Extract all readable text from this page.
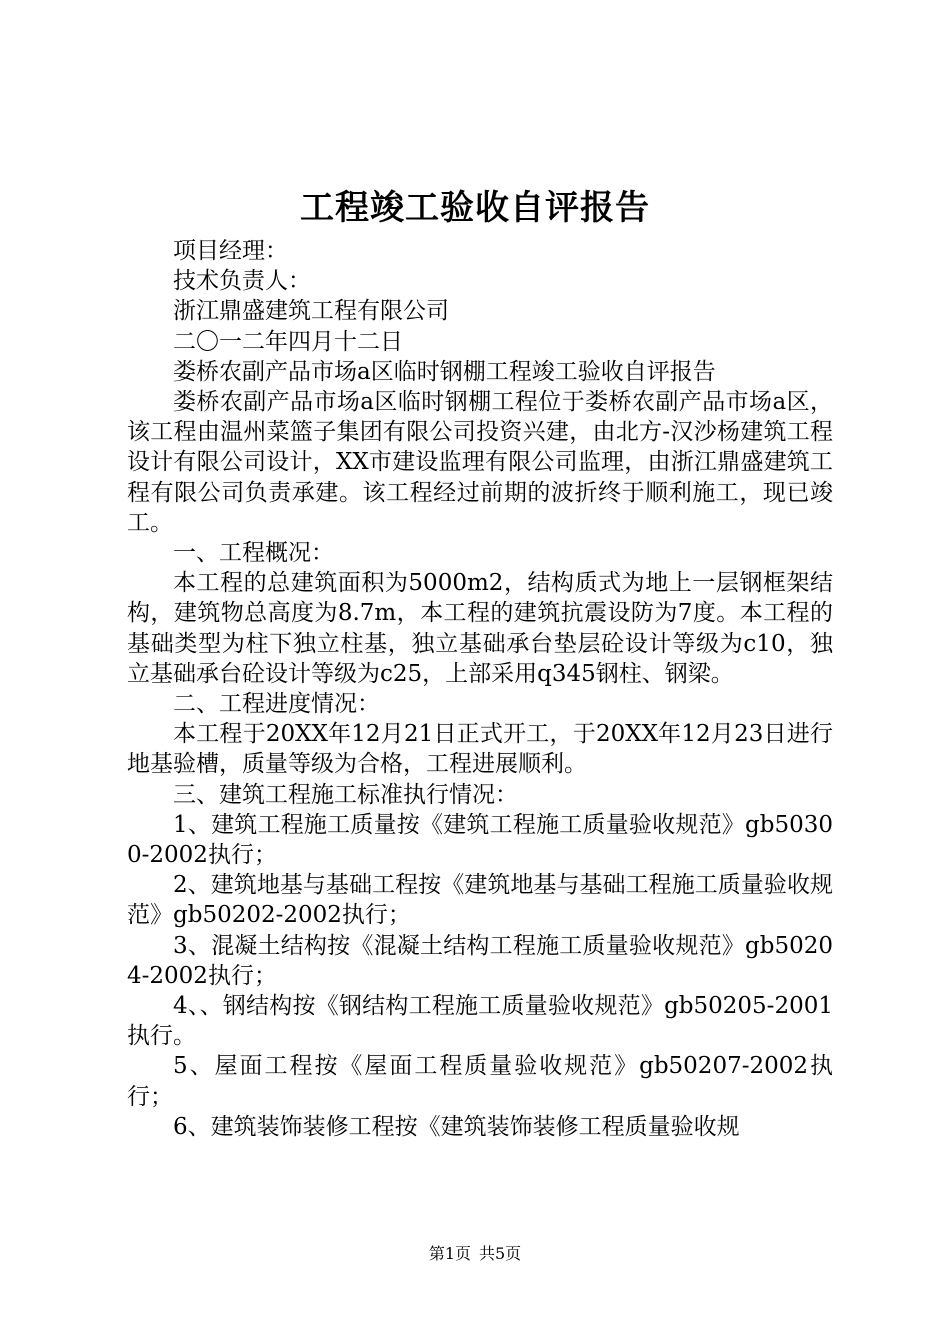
工程竣工验收自评报告

项目经理：

技术负责人：

浙江鼎盛建筑工程有限公司

二〇一二年四月十二日

娄桥农副产品市场a区临时钢棚工程竣工验收自评报告

娄桥农副产品市场a区临时钢棚工程位于娄桥农副产品市场a区，该工程由温州菜篮子集团有限公司投资兴建，由北方-汉沙杨建筑工程设计有限公司设计，XX市建设监理有限公司监理，由浙江鼎盛建筑工程有限公司负责承建。该工程经过前期的波折终于顺利施工，现已竣工。

一、工程概况：

本工程的总建筑面积为5000m2，结构质式为地上一层钢框架结构，建筑物总高度为8.7m，本工程的建筑抗震设防为7度。本工程的基础类型为柱下独立柱基，独立基础承台垫层砼设计等级为c10，独立基础承台砼设计等级为c25，上部采用q345钢柱、钢梁。

二、工程进度情况：

本工程于20XX年12月21日正式开工，于20XX年12月23日进行地基验槽，质量等级为合格，工程进展顺利。

三、建筑工程施工标准执行情况：

1、建筑工程施工质量按《建筑工程施工质量验收规范》gb50300-2002执行；

2、建筑地基与基础工程按《建筑地基与基础工程施工质量验收规范》gb50202-2002执行；

3、混凝土结构按《混凝土结构工程施工质量验收规范》gb50204-2002执行；

4、、钢结构按《钢结构工程施工质量验收规范》gb50205-2001执行。

5、屋面工程按《屋面工程质量验收规范》gb50207-2002执行；

6、建筑装饰装修工程按《建筑装饰装修工程质量验收规

第1页 共5页
